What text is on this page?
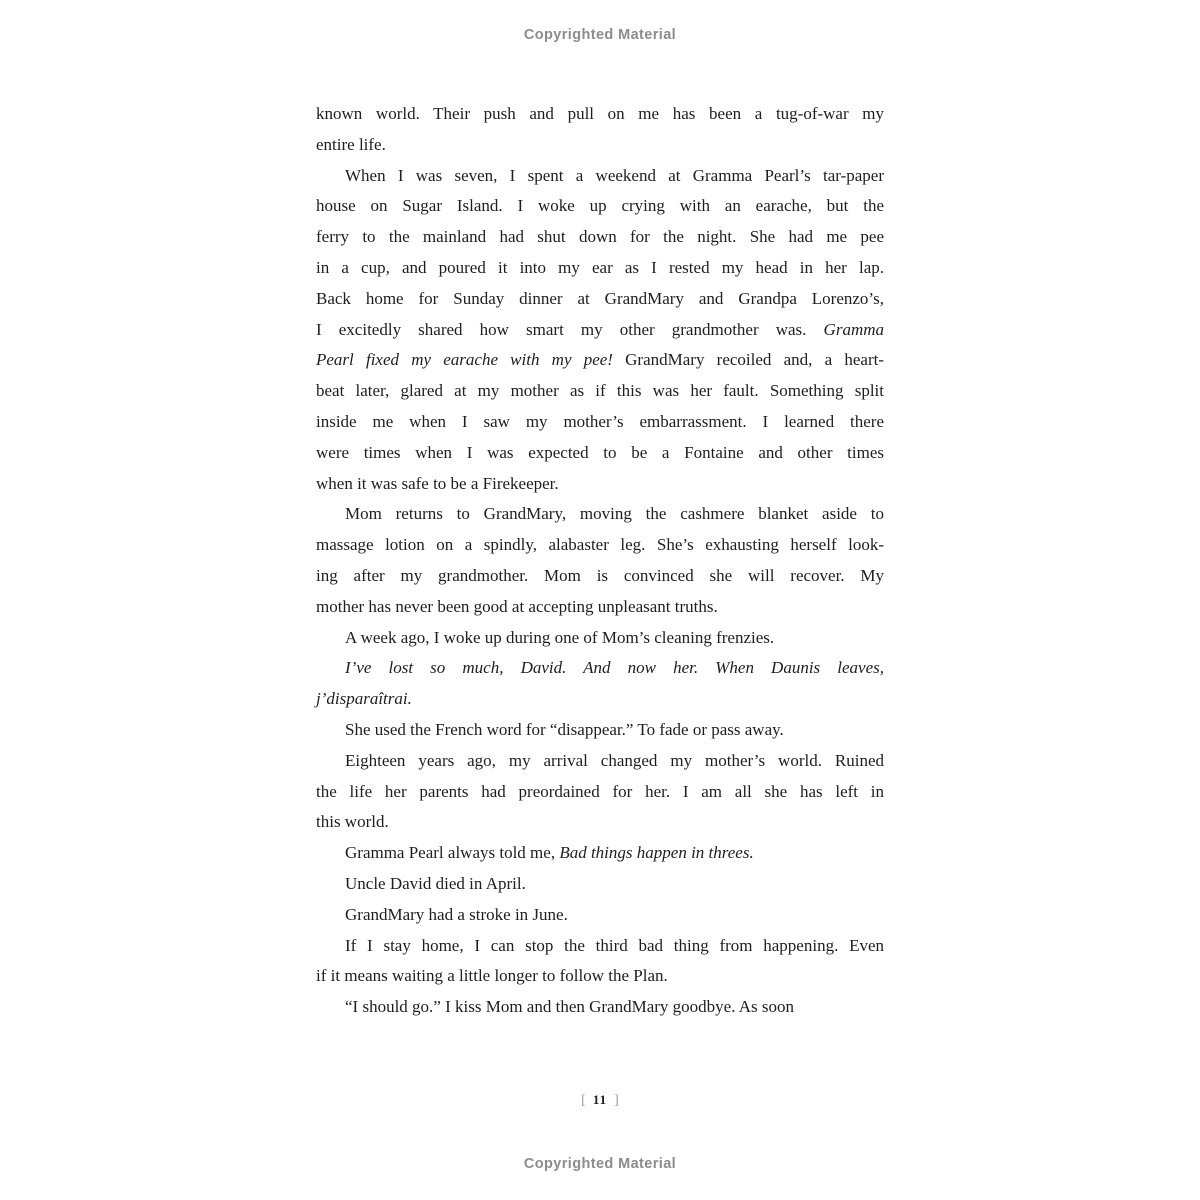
Copyrighted Material
known world. Their push and pull on me has been a tug-of-war my
entire life.
When I was seven, I spent a weekend at Gramma Pearl’s tar-paper
house on Sugar Island. I woke up crying with an earache, but the
ferry to the mainland had shut down for the night. She had me pee
in a cup, and poured it into my ear as I rested my head in her lap.
Back home for Sunday dinner at GrandMary and Grandpa Lorenzo’s,
I excitedly shared how smart my other grandmother was. Gramma
Pearl fixed my earache with my pee! GrandMary recoiled and, a heart-
beat later, glared at my mother as if this was her fault. Something split
inside me when I saw my mother’s embarrassment. I learned there
were times when I was expected to be a Fontaine and other times
when it was safe to be a Firekeeper.
Mom returns to GrandMary, moving the cashmere blanket aside to
massage lotion on a spindly, alabaster leg. She’s exhausting herself look-
ing after my grandmother. Mom is convinced she will recover. My
mother has never been good at accepting unpleasant truths.
A week ago, I woke up during one of Mom’s cleaning frenzies.
I’ve lost so much, David. And now her. When Daunis leaves,
j’disparaîtrai.
She used the French word for “disappear.” To fade or pass away.
Eighteen years ago, my arrival changed my mother’s world. Ruined
the life her parents had preordained for her. I am all she has left in
this world.
Gramma Pearl always told me, Bad things happen in threes.
Uncle David died in April.
GrandMary had a stroke in June.
If I stay home, I can stop the third bad thing from happening. Even
if it means waiting a little longer to follow the Plan.
“I should go.” I kiss Mom and then GrandMary goodbye. As soon
[ 11 ]
Copyrighted Material
